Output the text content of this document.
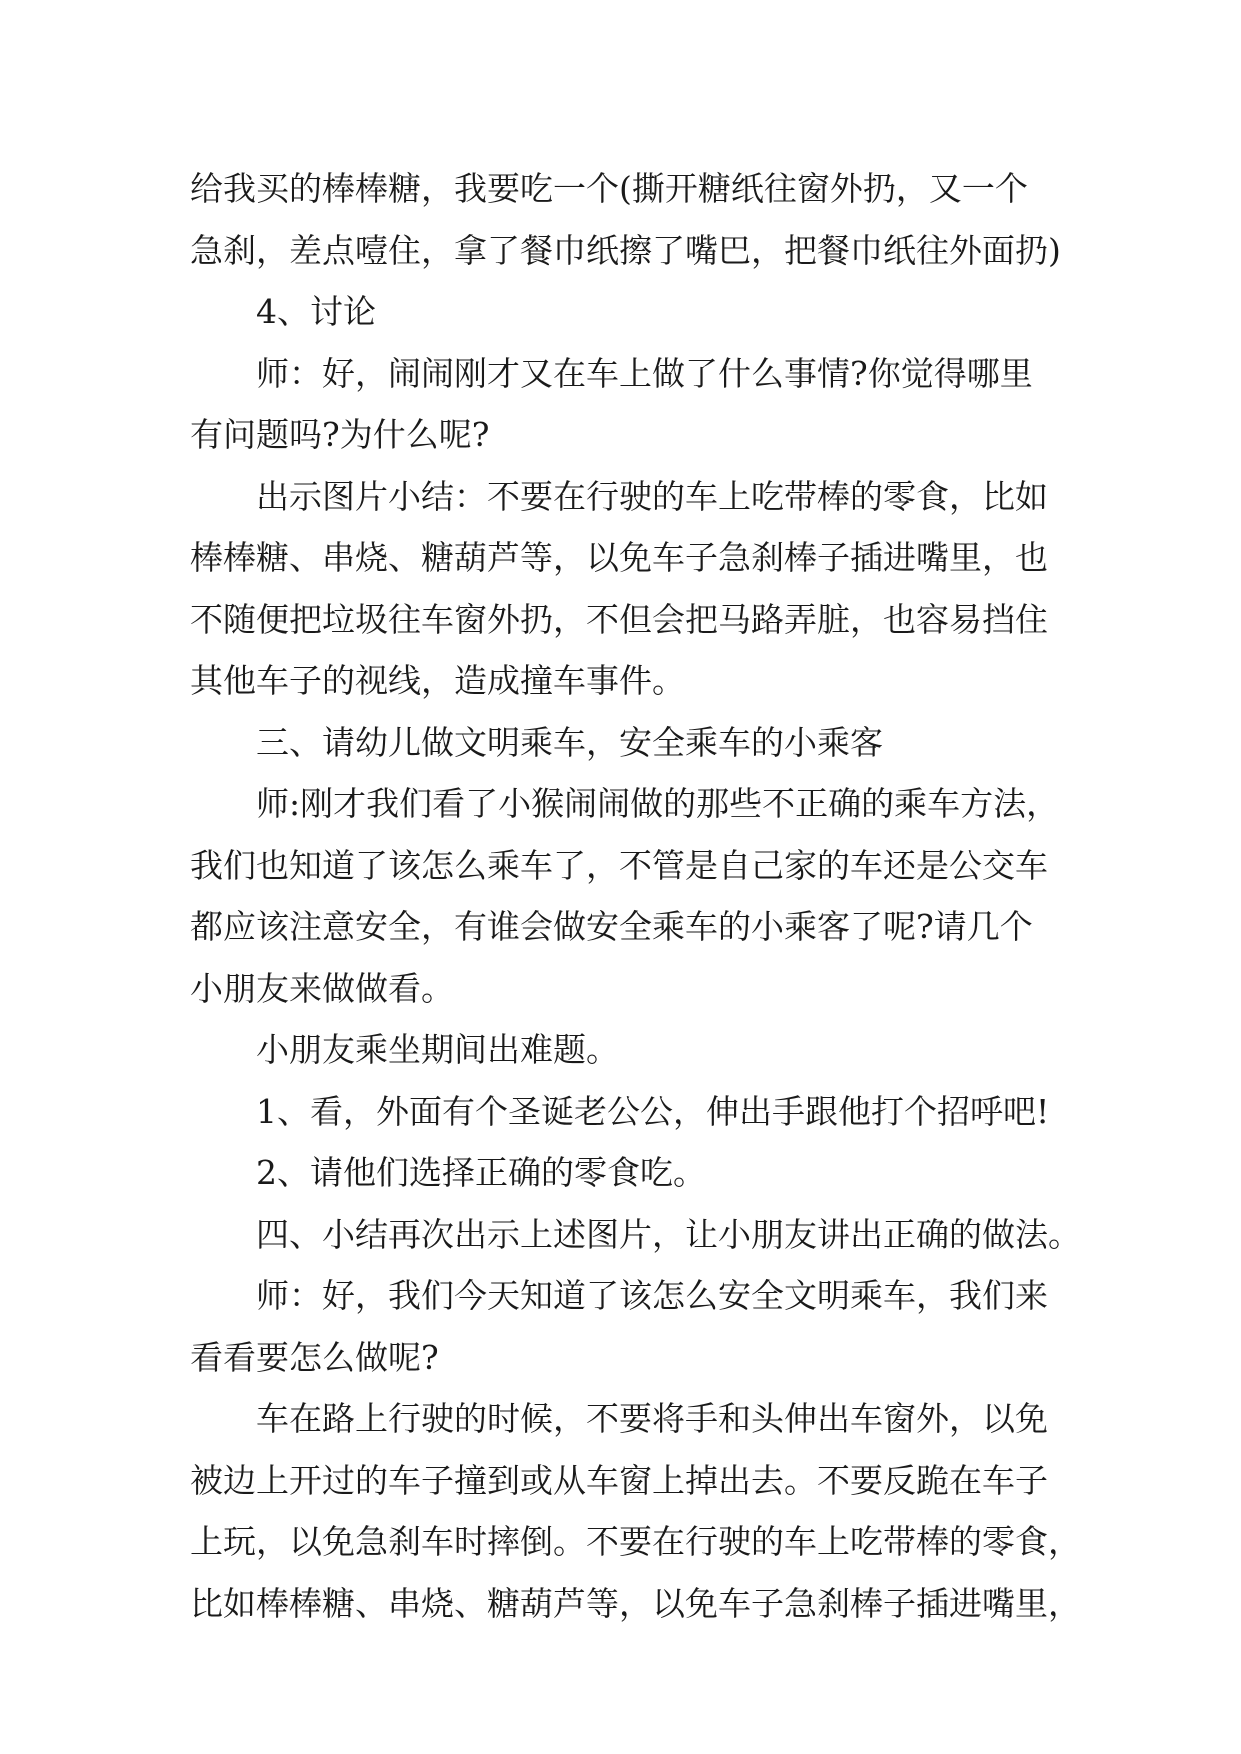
给我买的棒棒糖，我要吃一个(撕开糖纸往窗外扔，又一个

急刹，差点噎住，拿了餐巾纸擦了嘴巴，把餐巾纸往外面扔)

4、讨论

师：好，闹闹刚才又在车上做了什么事情?你觉得哪里

有问题吗?为什么呢?

出示图片小结：不要在行驶的车上吃带棒的零食，比如

棒棒糖、串烧、糖葫芦等，以免车子急刹棒子插进嘴里，也

不随便把垃圾往车窗外扔，不但会把马路弄脏，也容易挡住

其他车子的视线，造成撞车事件。

三、请幼儿做文明乘车，安全乘车的小乘客

师:刚才我们看了小猴闹闹做的那些不正确的乘车方法，

我们也知道了该怎么乘车了，不管是自己家的车还是公交车

都应该注意安全，有谁会做安全乘车的小乘客了呢?请几个

小朋友来做做看。

小朋友乘坐期间出难题。

1、看，外面有个圣诞老公公，伸出手跟他打个招呼吧!

2、请他们选择正确的零食吃。

四、小结再次出示上述图片，让小朋友讲出正确的做法。

师：好，我们今天知道了该怎么安全文明乘车，我们来

看看要怎么做呢?

车在路上行驶的时候，不要将手和头伸出车窗外，以免

被边上开过的车子撞到或从车窗上掉出去。不要反跪在车子

上玩，以免急刹车时摔倒。不要在行驶的车上吃带棒的零食，

比如棒棒糖、串烧、糖葫芦等，以免车子急刹棒子插进嘴里，
